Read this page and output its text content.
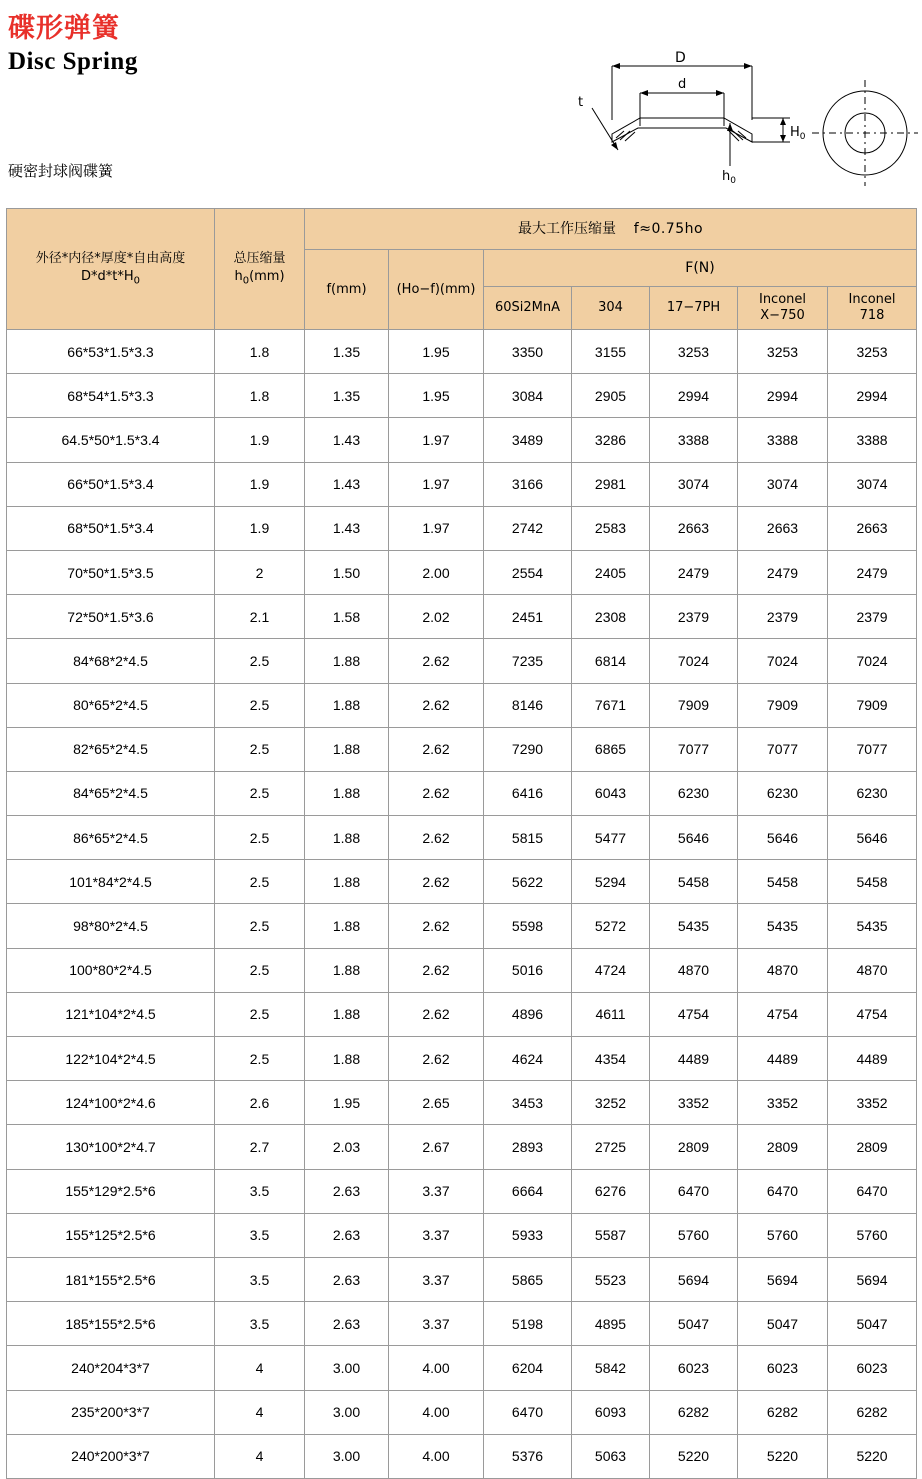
碟形弹簧
Disc Spring
硬密封球阀碟簧
D
d
t
$h_0$
$H_0$
外径*内径*厚度*自由高度
$D*d*t*H_0$	总压缩量
$h_0(mm)$	最大工作压缩量 f≈0.75ho						
		f(mm)	(Ho−f)(mm)	F(N)				
				60Si2MnA	304	17−7PH	Inconel
X−750	Inconel
718
66*53*1.5*3.3	1.8	1.35	1.95	3350	3155	3253	3253	3253
68*54*1.5*3.3	1.8	1.35	1.95	3084	2905	2994	2994	2994
64.5*50*1.5*3.4	1.9	1.43	1.97	3489	3286	3388	3388	3388
66*50*1.5*3.4	1.9	1.43	1.97	3166	2981	3074	3074	3074
68*50*1.5*3.4	1.9	1.43	1.97	2742	2583	2663	2663	2663
70*50*1.5*3.5	2	1.50	2.00	2554	2405	2479	2479	2479
72*50*1.5*3.6	2.1	1.58	2.02	2451	2308	2379	2379	2379
84*68*2*4.5	2.5	1.88	2.62	7235	6814	7024	7024	7024
80*65*2*4.5	2.5	1.88	2.62	8146	7671	7909	7909	7909
82*65*2*4.5	2.5	1.88	2.62	7290	6865	7077	7077	7077
84*65*2*4.5	2.5	1.88	2.62	6416	6043	6230	6230	6230
86*65*2*4.5	2.5	1.88	2.62	5815	5477	5646	5646	5646
101*84*2*4.5	2.5	1.88	2.62	5622	5294	5458	5458	5458
98*80*2*4.5	2.5	1.88	2.62	5598	5272	5435	5435	5435
100*80*2*4.5	2.5	1.88	2.62	5016	4724	4870	4870	4870
121*104*2*4.5	2.5	1.88	2.62	4896	4611	4754	4754	4754
122*104*2*4.5	2.5	1.88	2.62	4624	4354	4489	4489	4489
124*100*2*4.6	2.6	1.95	2.65	3453	3252	3352	3352	3352
130*100*2*4.7	2.7	2.03	2.67	2893	2725	2809	2809	2809
155*129*2.5*6	3.5	2.63	3.37	6664	6276	6470	6470	6470
155*125*2.5*6	3.5	2.63	3.37	5933	5587	5760	5760	5760
181*155*2.5*6	3.5	2.63	3.37	5865	5523	5694	5694	5694
185*155*2.5*6	3.5	2.63	3.37	5198	4895	5047	5047	5047
240*204*3*7	4	3.00	4.00	6204	5842	6023	6023	6023
235*200*3*7	4	3.00	4.00	6470	6093	6282	6282	6282
240*200*3*7	4	3.00	4.00	5376	5063	5220	5220	5220
